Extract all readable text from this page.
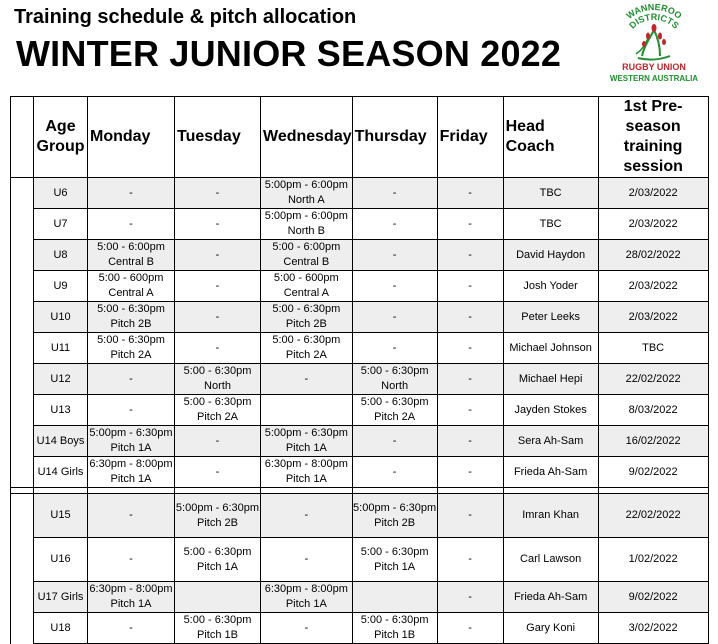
Training schedule & pitch allocation
WINTER JUNIOR SEASON 2022
WANNEROO
DISTRICTS
RUGBY UNION
WESTERN AUSTRALIA
	Age Group	Monday	Tuesday	Wednesday	Thursday	Friday	Head Coach	1st Pre-season training session
	U6	-	-	5:00pm - 6:00pm
North A	-	-	TBC	2/03/2022
	U7	-	-	5:00pm - 6:00pm
North B	-	-	TBC	2/03/2022
	U8	5:00 - 6:00pm
Central B	-	5:00 - 6:00pm
Central B	-	-	David Haydon	28/02/2022
	U9	5:00 - 600pm
Central A	-	5:00 - 600pm
Central A	-	-	Josh Yoder	2/03/2022
	U10	5:00 - 6:30pm
Pitch 2B	-	5:00 - 6:30pm
Pitch 2B	-	-	Peter Leeks	2/03/2022
	U11	5:00 - 6:30pm
Pitch 2A	-	5:00 - 6:30pm
Pitch 2A	-	-	Michael Johnson	TBC
	U12	-	5:00 - 6:30pm
North	-	5:00 - 6:30pm
North	-	Michael Hepi	22/02/2022
	U13	-	5:00 - 6:30pm
Pitch 2A		5:00 - 6:30pm
Pitch 2A	-	Jayden Stokes	8/03/2022
	U14 Boys	5:00pm - 6:30pm
Pitch 1A	-	5:00pm - 6:30pm
Pitch 1A	-	-	Sera Ah-Sam	16/02/2022
	U14 Girls	6:30pm - 8:00pm
Pitch 1A	-	6:30pm - 8:00pm
Pitch 1A	-	-	Frieda Ah-Sam	9/02/2022

	U15	-	5:00pm - 6:30pm
Pitch 2B	-	5:00pm - 6:30pm
Pitch 2B	-	Imran Khan	22/02/2022
	U16	-	5:00 - 6:30pm
Pitch 1A	-	5:00 - 6:30pm
Pitch 1A	-	Carl Lawson	1/02/2022
	U17 Girls	6:30pm - 8:00pm
Pitch 1A		6:30pm - 8:00pm
Pitch 1A		-	Frieda Ah-Sam	9/02/2022
	U18	-	5:00 - 6:30pm
Pitch 1B	-	5:00 - 6:30pm
Pitch 1B	-	Gary Koni	3/02/2022
